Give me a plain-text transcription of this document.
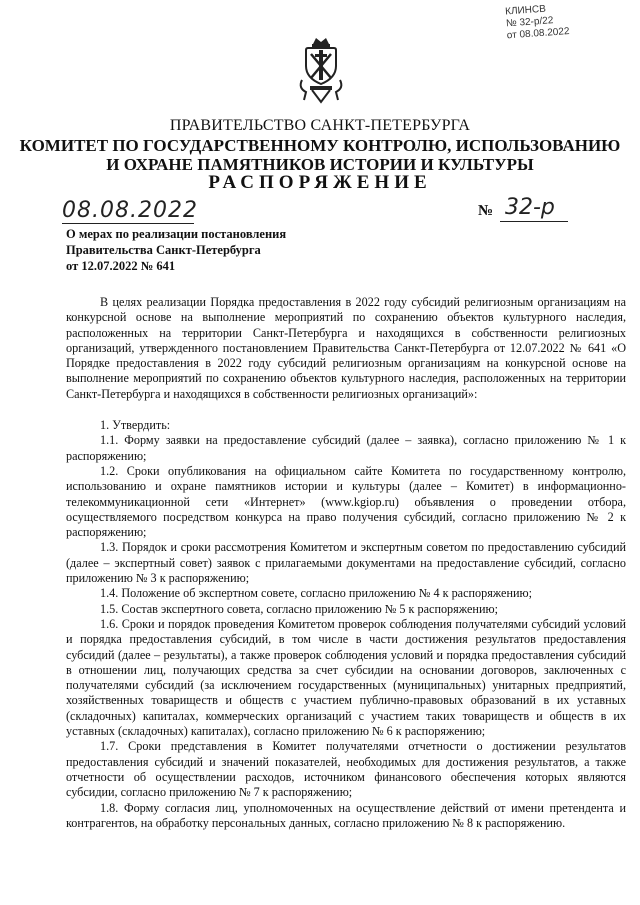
КЛИНСВ
№ 32-р/22
от 08.08.2022
ПРАВИТЕЛЬСТВО САНКТ-ПЕТЕРБУРГА
КОМИТЕТ ПО ГОСУДАРСТВЕННОМУ КОНТРОЛЮ, ИСПОЛЬЗОВАНИЮ
И ОХРАНЕ ПАМЯТНИКОВ ИСТОРИИ И КУЛЬТУРЫ
РАСПОРЯЖЕНИЕ
08.08.2022	№ 32-р
О мерах по реализации постановления
Правительства Санкт-Петербурга
от 12.07.2022 № 641

В целях реализации Порядка предоставления в 2022 году субсидий религиозным организациям на конкурсной основе на выполнение мероприятий по сохранению объектов культурного наследия, расположенных на территории Санкт-Петербурга и находящихся в собственности религиозных организаций, утвержденного постановлением Правительства Санкт-Петербурга от 12.07.2022 № 641 «О Порядке предоставления в 2022 году субсидий религиозным организациям на конкурсной основе на выполнение мероприятий по сохранению объектов культурного наследия, расположенных на территории Санкт-Петербурга и находящихся в собственности религиозных организаций»:

1. Утвердить:

1.1. Форму заявки на предоставление субсидий (далее – заявка), согласно приложению № 1 к распоряжению;

1.2. Сроки опубликования на официальном сайте Комитета по государственному контролю, использованию и охране памятников истории и культуры (далее – Комитет) в информационно-телекоммуникационной сети «Интернет» (www.kgiop.ru) объявления о проведении отбора, осуществляемого посредством конкурса на право получения субсидий, согласно приложению № 2 к распоряжению;

1.3. Порядок и сроки рассмотрения Комитетом и экспертным советом по предоставлению субсидий (далее – экспертный совет) заявок с прилагаемыми документами на предоставление субсидий, согласно приложению № 3 к распоряжению;

1.4. Положение об экспертном совете, согласно приложению № 4 к распоряжению;

1.5. Состав экспертного совета, согласно приложению № 5 к распоряжению;

1.6. Сроки и порядок проведения Комитетом проверок соблюдения получателями субсидий условий и порядка предоставления субсидий, в том числе в части достижения результатов предоставления субсидий (далее – результаты), а также проверок соблюдения условий и порядка предоставления субсидий в отношении лиц, получающих средства за счет субсидии на основании договоров, заключенных с получателями субсидий (за исключением государственных (муниципальных) унитарных предприятий, хозяйственных товариществ и обществ с участием публично-правовых образований в их уставных (складочных) капиталах, коммерческих организаций с участием таких товариществ и обществ в их уставных (складочных) капиталах), согласно приложению № 6 к распоряжению;

1.7. Сроки представления в Комитет получателями отчетности о достижении результатов предоставления субсидий и значений показателей, необходимых для достижения результатов, а также отчетности об осуществлении расходов, источником финансового обеспечения которых являются субсидии, согласно приложению № 7 к распоряжению;

1.8. Форму согласия лиц, уполномоченных на осуществление действий от имени претендента и контрагентов, на обработку персональных данных, согласно приложению № 8 к распоряжению.
